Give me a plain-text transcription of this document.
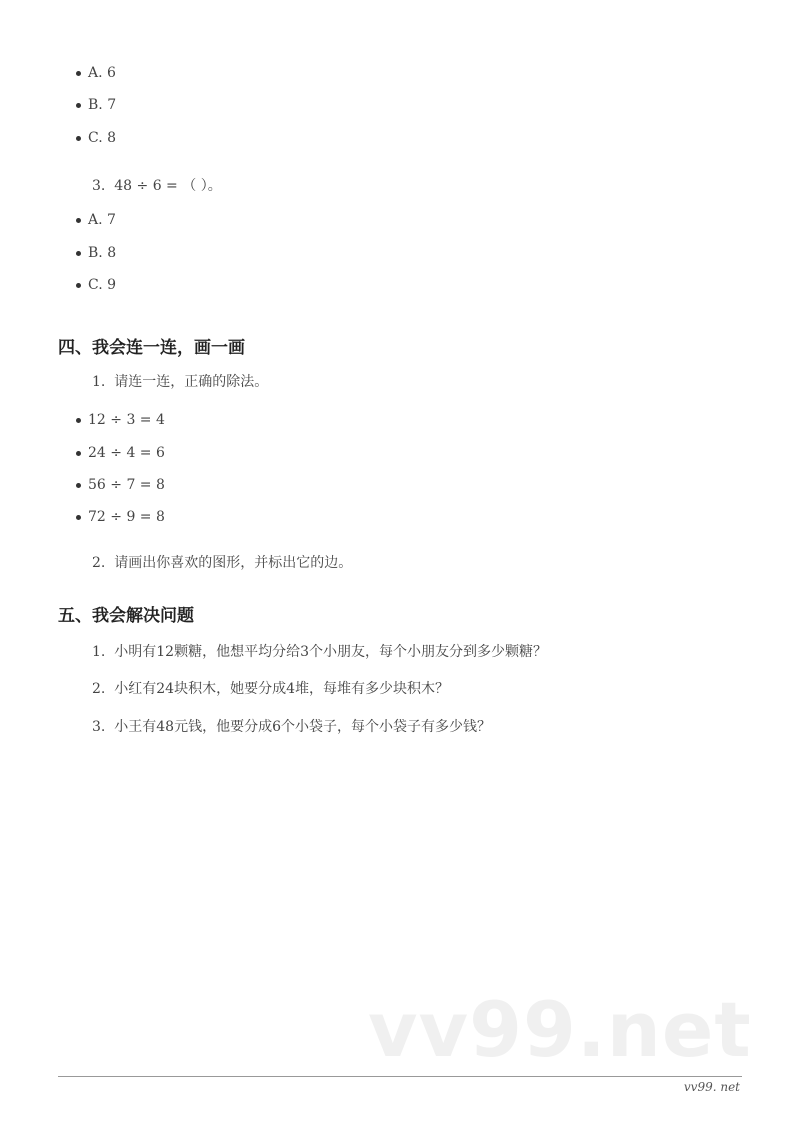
A. 6
B. 7
C. 8
3.  48 ÷ 6 = （ ）。
A. 7
B. 8
C. 9
四、我会连一连，画一画
1.  请连一连，正确的除法。
12 ÷ 3 = 4
24 ÷ 4 = 6
56 ÷ 7 = 8
72 ÷ 9 = 8
2.  请画出你喜欢的图形，并标出它的边。
五、我会解决问题
1.  小明有12颗糖，他想平均分给3个小朋友，每个小朋友分到多少颗糖？
2.  小红有24块积木，她要分成4堆，每堆有多少块积木？
3.  小王有48元钱，他要分成6个小袋子，每个小袋子有多少钱？
vv99.net
vv99. net
